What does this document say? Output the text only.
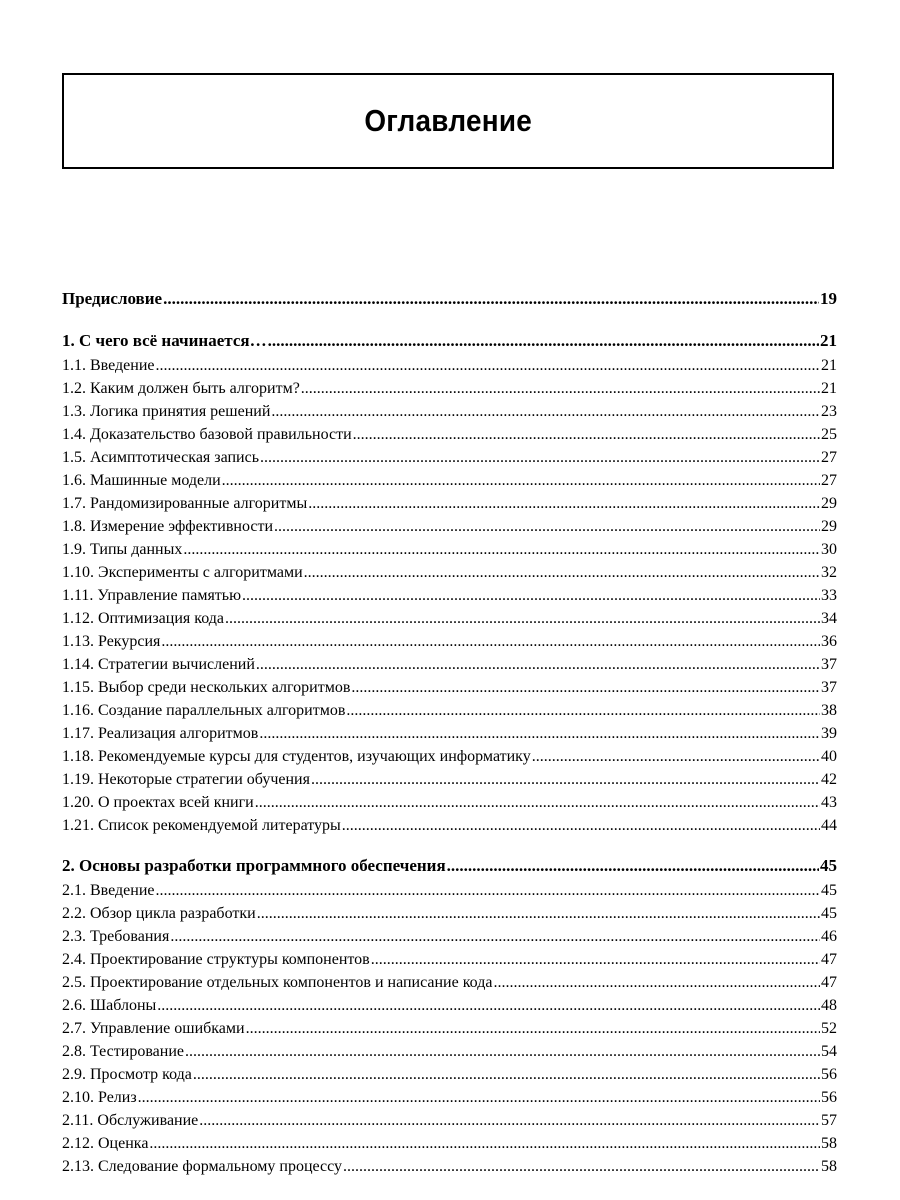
Оглавление
Предисловие .....	19
1. С чего всё начинается… .....	21
1.1. Введение .....	21
1.2. Каким должен быть алгоритм? .....	21
1.3. Логика принятия решений .....	23
1.4. Доказательство базовой правильности .....	25
1.5. Асимптотическая запись .....	27
1.6. Машинные модели .....	27
1.7. Рандомизированные алгоритмы .....	29
1.8. Измерение эффективности .....	29
1.9. Типы данных .....	30
1.10. Эксперименты с алгоритмами .....	32
1.11. Управление памятью .....	33
1.12. Оптимизация кода .....	34
1.13. Рекурсия .....	36
1.14. Стратегии вычислений .....	37
1.15. Выбор среди нескольких алгоритмов .....	37
1.16. Создание параллельных алгоритмов .....	38
1.17. Реализация алгоритмов .....	39
1.18. Рекомендуемые курсы для студентов, изучающих информатику .....	40
1.19. Некоторые стратегии обучения .....	42
1.20. О проектах всей книги .....	43
1.21. Список рекомендуемой литературы .....	44
2. Основы разработки программного обеспечения .....	45
2.1. Введение .....	45
2.2. Обзор цикла разработки .....	45
2.3. Требования .....	46
2.4. Проектирование структуры компонентов .....	47
2.5. Проектирование отдельных компонентов и написание кода .....	47
2.6. Шаблоны .....	48
2.7. Управление ошибками .....	52
2.8. Тестирование .....	54
2.9. Просмотр кода .....	56
2.10. Релиз .....	56
2.11. Обслуживание .....	57
2.12. Оценка .....	58
2.13. Следование формальному процессу .....	58
